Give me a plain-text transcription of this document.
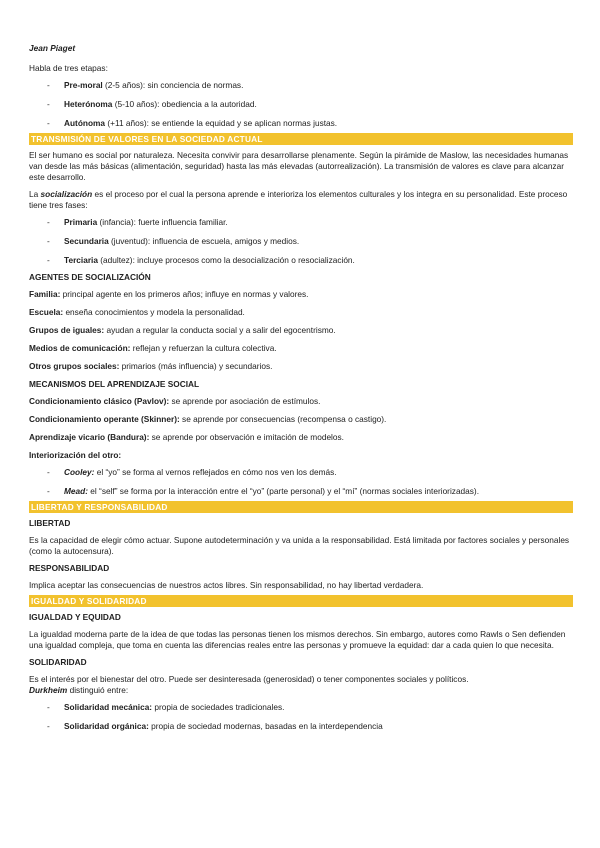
Jean Piaget

Habla de tres etapas:

- Pre-moral (2-5 años): sin conciencia de normas.
- Heterónoma (5-10 años): obediencia a la autoridad.
- Autónoma (+11 años): se entiende la equidad y se aplican normas justas.
TRANSMISIÓN DE VALORES EN LA SOCIEDAD ACTUAL

El ser humano es social por naturaleza. Necesita convivir para desarrollarse plenamente. Según la pirámide de Maslow, las necesidades humanas van desde las más básicas (alimentación, seguridad) hasta las más elevadas (autorrealización). La transmisión de valores es clave para alcanzar este desarrollo.

La socialización es el proceso por el cual la persona aprende e interioriza los elementos culturales y los integra en su personalidad. Este proceso tiene tres fases:

- Primaria (infancia): fuerte influencia familiar.
- Secundaria (juventud): influencia de escuela, amigos y medios.
- Terciaria (adultez): incluye procesos como la desocialización o resocialización.
AGENTES DE SOCIALIZACIÓN

Familia: principal agente en los primeros años; influye en normas y valores.

Escuela: enseña conocimientos y modela la personalidad.

Grupos de iguales: ayudan a regular la conducta social y a salir del egocentrismo.

Medios de comunicación: reflejan y refuerzan la cultura colectiva.

Otros grupos sociales: primarios (más influencia) y secundarios.

MECANISMOS DEL APRENDIZAJE SOCIAL

Condicionamiento clásico (Pavlov): se aprende por asociación de estímulos.

Condicionamiento operante (Skinner): se aprende por consecuencias (recompensa o castigo).

Aprendizaje vicario (Bandura): se aprende por observación e imitación de modelos.

Interiorización del otro:

- Cooley: el “yo” se forma al vernos reflejados en cómo nos ven los demás.
- Mead: el “self” se forma por la interacción entre el “yo” (parte personal) y el “mí” (normas sociales interiorizadas).
LIBERTAD Y RESPONSABILIDAD
LIBERTAD

Es la capacidad de elegir cómo actuar. Supone autodeterminación y va unida a la responsabilidad. Está limitada por factores sociales y personales (como la autocensura).

RESPONSABILIDAD

Implica aceptar las consecuencias de nuestros actos libres. Sin responsabilidad, no hay libertad verdadera.

IGUALDAD Y SOLIDARIDAD
IGUALDAD Y EQUIDAD

La igualdad moderna parte de la idea de que todas las personas tienen los mismos derechos. Sin embargo, autores como Rawls o Sen defienden una igualdad compleja, que toma en cuenta las diferencias reales entre las personas y promueve la equidad: dar a cada quien lo que necesita.

SOLIDARIDAD

Es el interés por el bienestar del otro. Puede ser desinteresada (generosidad) o tener componentes sociales y políticos.

Durkheim distinguió entre:

- Solidaridad mecánica: propia de sociedades tradicionales.
- Solidaridad orgánica: propia de sociedad modernas, basadas en la interdependencia
